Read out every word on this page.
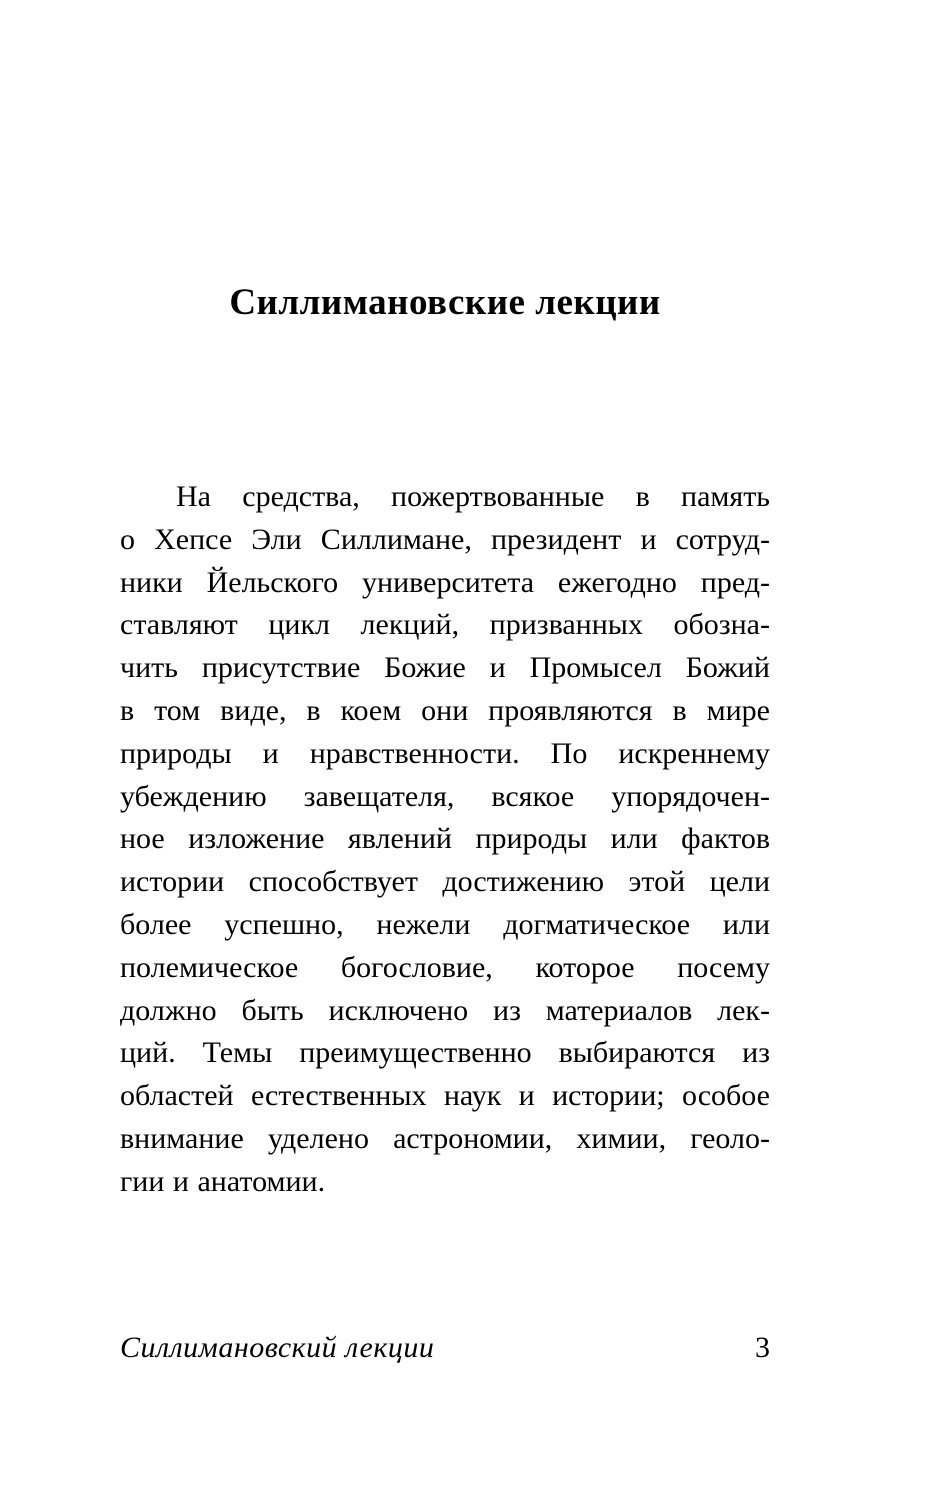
Силлимановские лекции
На средства, пожертвованные в память
о Хепсе Эли Силлимане, президент и сотруд-
ники Йельского университета ежегодно пред-
ставляют цикл лекций, призванных обозна-
чить присутствие Божие и Промысел Божий
в том виде, в коем они проявляются в мире
природы и нравственности. По искреннему
убеждению завещателя, всякое упорядочен-
ное изложение явлений природы или фактов
истории способствует достижению этой цели
более успешно, нежели догматическое или
полемическое богословие, которое посему
должно быть исключено из материалов лек-
ций. Темы преимущественно выбираются из
областей естественных наук и истории; особое
внимание уделено астрономии, химии, геоло-
гии и анатомии.
Силлимановский лекции	3
